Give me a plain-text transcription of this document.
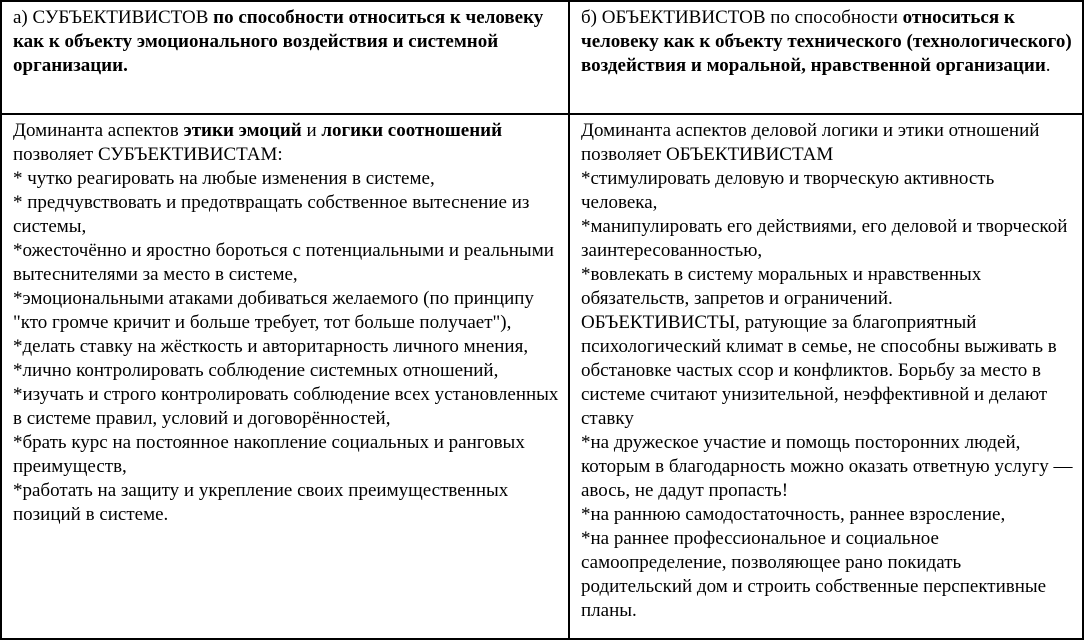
а) СУБЪЕКТИВИСТОВ по способности относиться к человеку как к объекту эмоционального воздействия и системной организации.

б) ОБЪЕКТИВИСТОВ по способности относиться к человеку как к объекту технического (технологического) воздействия и моральной, нравственной организации.

Доминанта аспектов этики эмоций и логики соотношений позволяет СУБЪЕКТИВИСТАМ:

* чутко реагировать на любые изменения в системе,

* предчувствовать и предотвращать собственное вытеснение из системы,

*ожесточённо и яростно бороться с потенциальными и реальными вытеснителями за место в системе,

*эмоциональными атаками добиваться желаемого (по принципу "кто громче кричит и больше требует, тот больше получает"),

*делать ставку на жёсткость и авторитарность личного мнения,

*лично контролировать соблюдение системных отношений,

*изучать и строго контролировать соблюдение всех установленных в системе правил, условий и договорённостей,

*брать курс на постоянное накопление социальных и ранговых преимуществ,

*работать на защиту и укрепление своих преимущественных позиций в системе.

Доминанта аспектов деловой логики и этики отношений позволяет ОБЪЕКТИВИСТАМ

*стимулировать деловую и творческую активность человека,

*манипулировать его действиями, его деловой и творческой заинтересованностью,

*вовлекать в систему моральных и нравственных обязательств, запретов и ограничений.

ОБЪЕКТИВИСТЫ, ратующие за благоприятный психологический климат в семье, не способны выживать в обстановке частых ссор и конфликтов. Борьбу за место в системе считают унизительной, неэффективной и делают ставку

*на дружеское участие и помощь посторонних людей, которым в благодарность можно оказать ответную услугу — авось, не дадут пропасть!

*на раннюю самодостаточность, раннее взросление,

*на раннее профессиональное и социальное самоопределение, позволяющее рано покидать родительский дом и строить собственные перспективные планы.
